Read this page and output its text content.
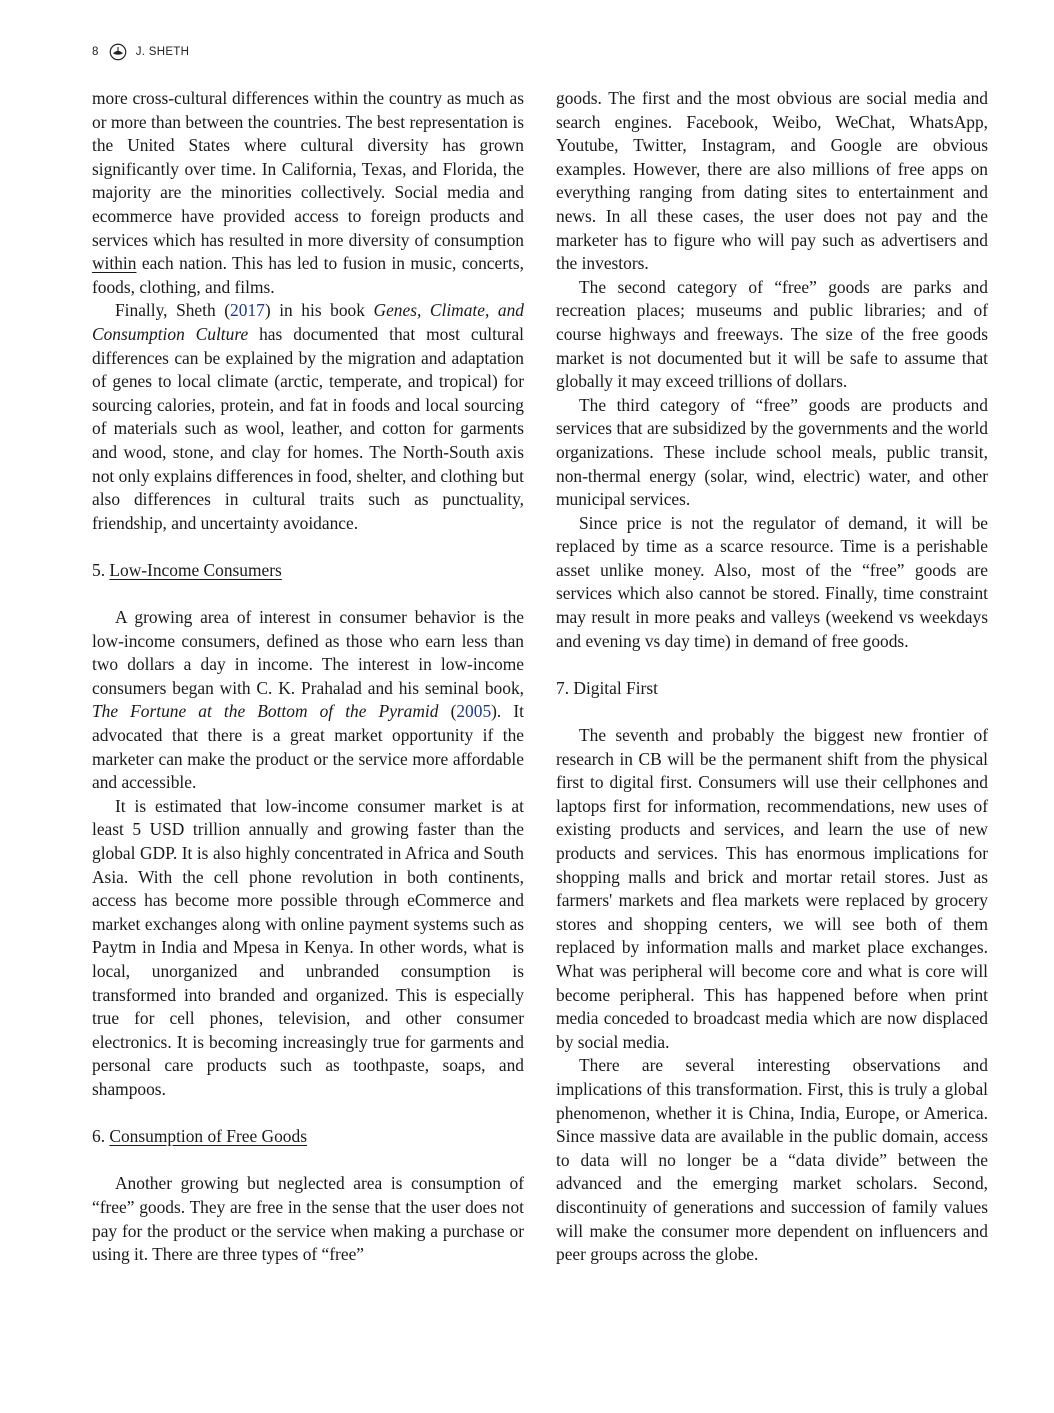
8	J. SHETH

more cross-cultural differences within the country as much as or more than between the countries. The best representation is the United States where cultural diversity has grown significantly over time. In California, Texas, and Florida, the majority are the minorities collectively. Social media and ecommerce have provided access to foreign products and services which has resulted in more diversity of consumption within each nation. This has led to fusion in music, concerts, foods, clothing, and films.

Finally, Sheth (2017) in his book Genes, Climate, and Consumption Culture has documented that most cultural differences can be explained by the migration and adaptation of genes to local climate (arctic, temperate, and tropical) for sourcing calories, protein, and fat in foods and local sourcing of materials such as wool, leather, and cotton for garments and wood, stone, and clay for homes. The North-South axis not only explains differences in food, shelter, and clothing but also differences in cultural traits such as punctuality, friendship, and uncertainty avoidance.

5. Low-Income Consumers

A growing area of interest in consumer behavior is the low-income consumers, defined as those who earn less than two dollars a day in income. The interest in low-income consumers began with C. K. Prahalad and his seminal book, The Fortune at the Bottom of the Pyramid (2005). It advocated that there is a great market opportunity if the marketer can make the product or the service more affordable and accessible.

It is estimated that low-income consumer market is at least 5 USD trillion annually and growing faster than the global GDP. It is also highly concentrated in Africa and South Asia. With the cell phone revolution in both continents, access has become more possible through eCommerce and market exchanges along with online payment systems such as Paytm in India and Mpesa in Kenya. In other words, what is local, unorganized and unbranded consumption is transformed into branded and organized. This is especially true for cell phones, television, and other consumer electronics. It is becoming increasingly true for garments and personal care products such as toothpaste, soaps, and shampoos.

6. Consumption of Free Goods

Another growing but neglected area is consumption of “free” goods. They are free in the sense that the user does not pay for the product or the service when making a purchase or using it. There are three types of “free”

goods. The first and the most obvious are social media and search engines. Facebook, Weibo, WeChat, WhatsApp, Youtube, Twitter, Instagram, and Google are obvious examples. However, there are also millions of free apps on everything ranging from dating sites to entertainment and news. In all these cases, the user does not pay and the marketer has to figure who will pay such as advertisers and the investors.

The second category of “free” goods are parks and recreation places; museums and public libraries; and of course highways and freeways. The size of the free goods market is not documented but it will be safe to assume that globally it may exceed trillions of dollars.

The third category of “free” goods are products and services that are subsidized by the governments and the world organizations. These include school meals, public transit, non-thermal energy (solar, wind, electric) water, and other municipal services.

Since price is not the regulator of demand, it will be replaced by time as a scarce resource. Time is a perishable asset unlike money. Also, most of the “free” goods are services which also cannot be stored. Finally, time constraint may result in more peaks and valleys (weekend vs weekdays and evening vs day time) in demand of free goods.

7. Digital First

The seventh and probably the biggest new frontier of research in CB will be the permanent shift from the physical first to digital first. Consumers will use their cellphones and laptops first for information, recommendations, new uses of existing products and services, and learn the use of new products and services. This has enormous implications for shopping malls and brick and mortar retail stores. Just as farmers' markets and flea markets were replaced by grocery stores and shopping centers, we will see both of them replaced by information malls and market place exchanges. What was peripheral will become core and what is core will become peripheral. This has happened before when print media conceded to broadcast media which are now displaced by social media.

There are several interesting observations and implications of this transformation. First, this is truly a global phenomenon, whether it is China, India, Europe, or America. Since massive data are available in the public domain, access to data will no longer be a “data divide” between the advanced and the emerging market scholars. Second, discontinuity of generations and succession of family values will make the consumer more dependent on influencers and peer groups across the globe.
